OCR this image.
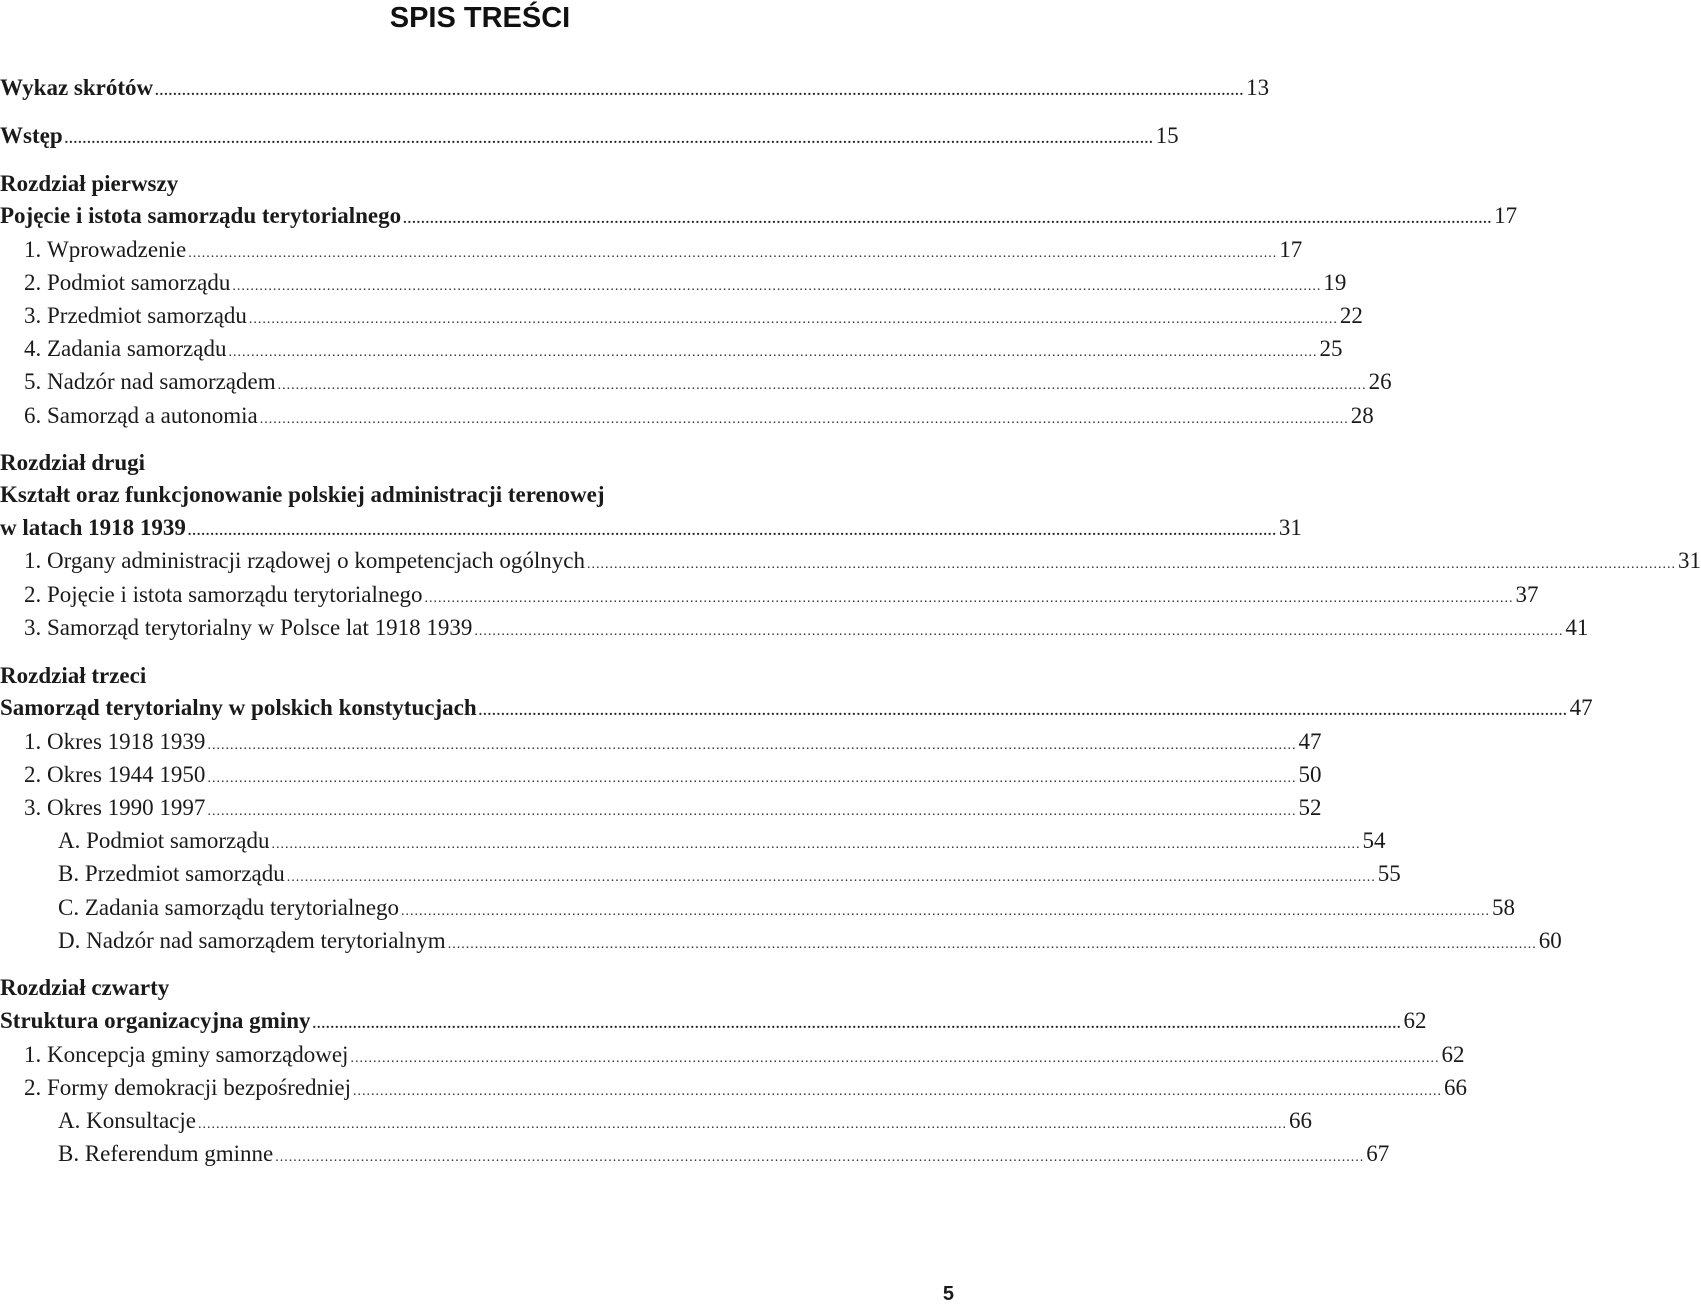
SPIS TREŚCI
Wykaz skrótów .....	13
Wstęp .....	15
Rozdział pierwszy
Pojęcie i istota samorządu terytorialnego .....	17
1. Wprowadzenie .....	17
2. Podmiot samorządu .....	19
3. Przedmiot samorządu .....	22
4. Zadania samorządu .....	25
5. Nadzór nad samorządem .....	26
6. Samorząd a autonomia .....	28
Rozdział drugi
Kształt oraz funkcjonowanie polskiej administracji terenowej
w latach 1918 1939 .....	31
1. Organy administracji rządowej o kompetencjach ogólnych .....	31
2. Pojęcie i istota samorządu terytorialnego .....	37
3. Samorząd terytorialny w Polsce lat 1918 1939 .....	41
Rozdział trzeci
Samorząd terytorialny w polskich konstytucjach .....	47
1. Okres 1918 1939 .....	47
2. Okres 1944 1950 .....	50
3. Okres 1990 1997 .....	52
A. Podmiot samorządu .....	54
B. Przedmiot samorządu .....	55
C. Zadania samorządu terytorialnego .....	58
D. Nadzór nad samorządem terytorialnym .....	60
Rozdział czwarty
Struktura organizacyjna gminy .....	62
1. Koncepcja gminy samorządowej .....	62
2. Formy demokracji bezpośredniej .....	66
A. Konsultacje .....	66
B. Referendum gminne .....	67
5
